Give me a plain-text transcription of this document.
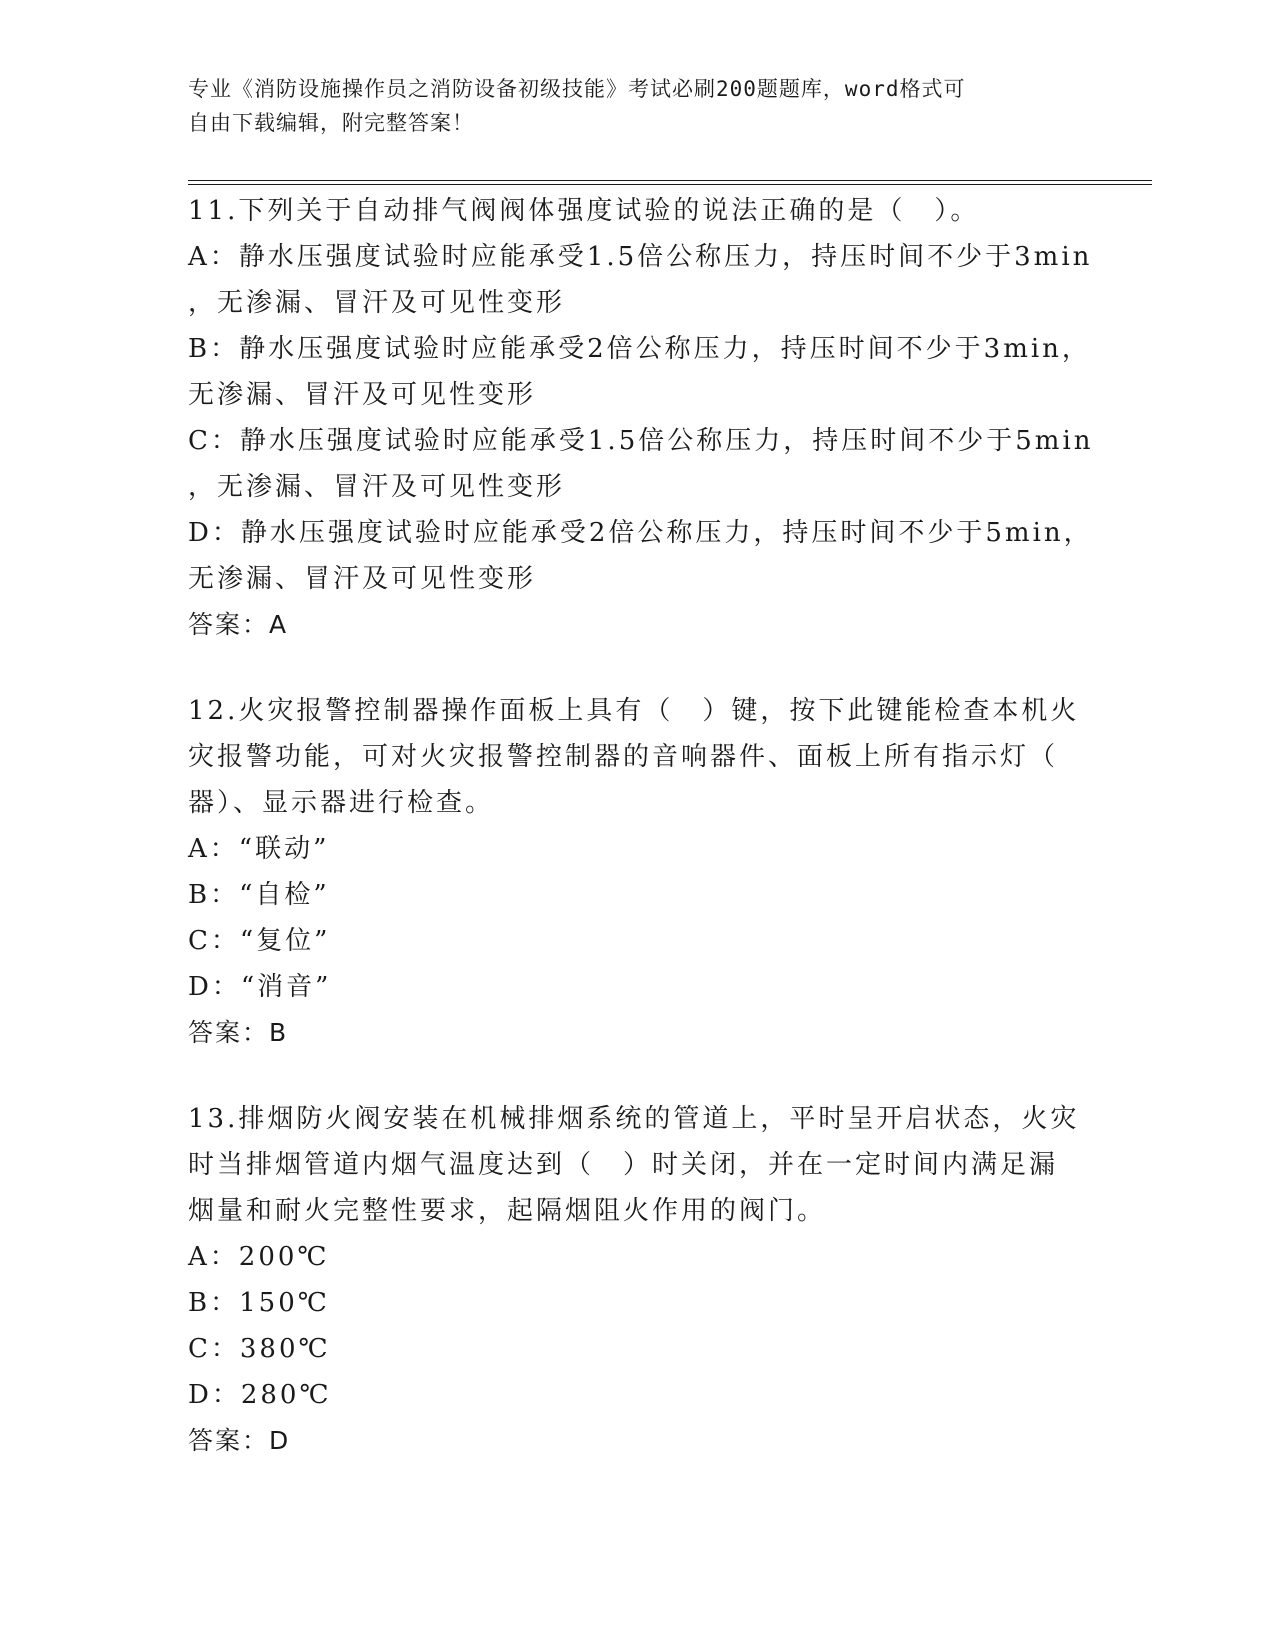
专业《消防设施操作员之消防设备初级技能》考试必刷200题题库，word格式可
自由下载编辑，附完整答案！
11.下列关于自动排气阀阀体强度试验的说法正确的是（　）。
A：静水压强度试验时应能承受1.5倍公称压力，持压时间不少于3min
，无渗漏、冒汗及可见性变形
B：静水压强度试验时应能承受2倍公称压力，持压时间不少于3min，
无渗漏、冒汗及可见性变形
C：静水压强度试验时应能承受1.5倍公称压力，持压时间不少于5min
，无渗漏、冒汗及可见性变形
D：静水压强度试验时应能承受2倍公称压力，持压时间不少于5min，
无渗漏、冒汗及可见性变形
答案：A
12.火灾报警控制器操作面板上具有（　）键，按下此键能检查本机火
灾报警功能，可对火灾报警控制器的音响器件、面板上所有指示灯（
器）、显示器进行检查。
A：“联动”
B：“自检”
C：“复位”
D：“消音”
答案：B
13.排烟防火阀安装在机械排烟系统的管道上，平时呈开启状态，火灾
时当排烟管道内烟气温度达到（　）时关闭，并在一定时间内满足漏
烟量和耐火完整性要求，起隔烟阻火作用的阀门。
A：200℃
B：150℃
C：380℃
D：280℃
答案：D
